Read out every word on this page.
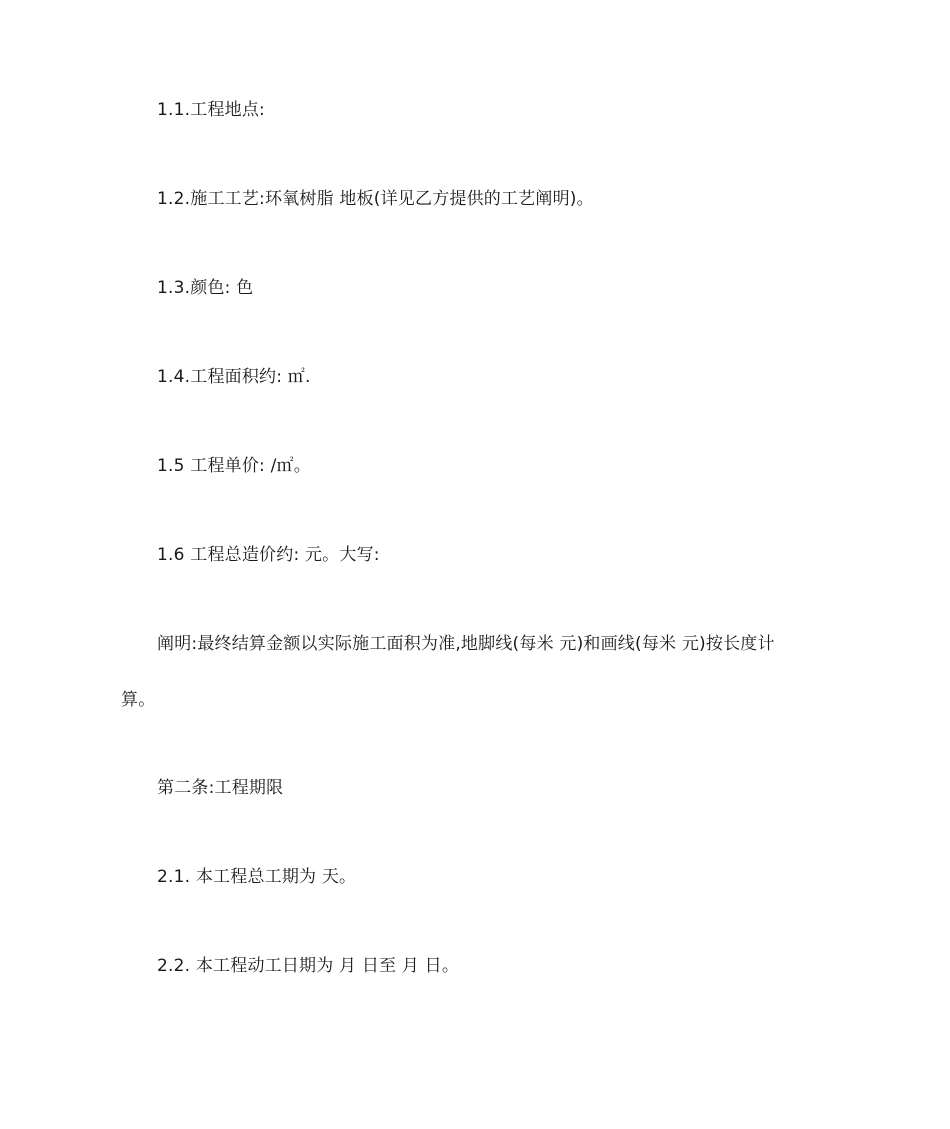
1.1.工程地点:
1.2.施工工艺:环氧树脂 地板(详见乙方提供的工艺阐明)。
1.3.颜色: 色
1.4.工程面积约: ㎡.
1.5 工程单价: /㎡。
1.6 工程总造价约: 元。大写:
阐明:最终结算金额以实际施工面积为准,地脚线(每米 元)和画线(每米 元)按长度计
算。
第二条:工程期限
2.1. 本工程总工期为 天。
2.2. 本工程动工日期为 月 日至 月 日。
